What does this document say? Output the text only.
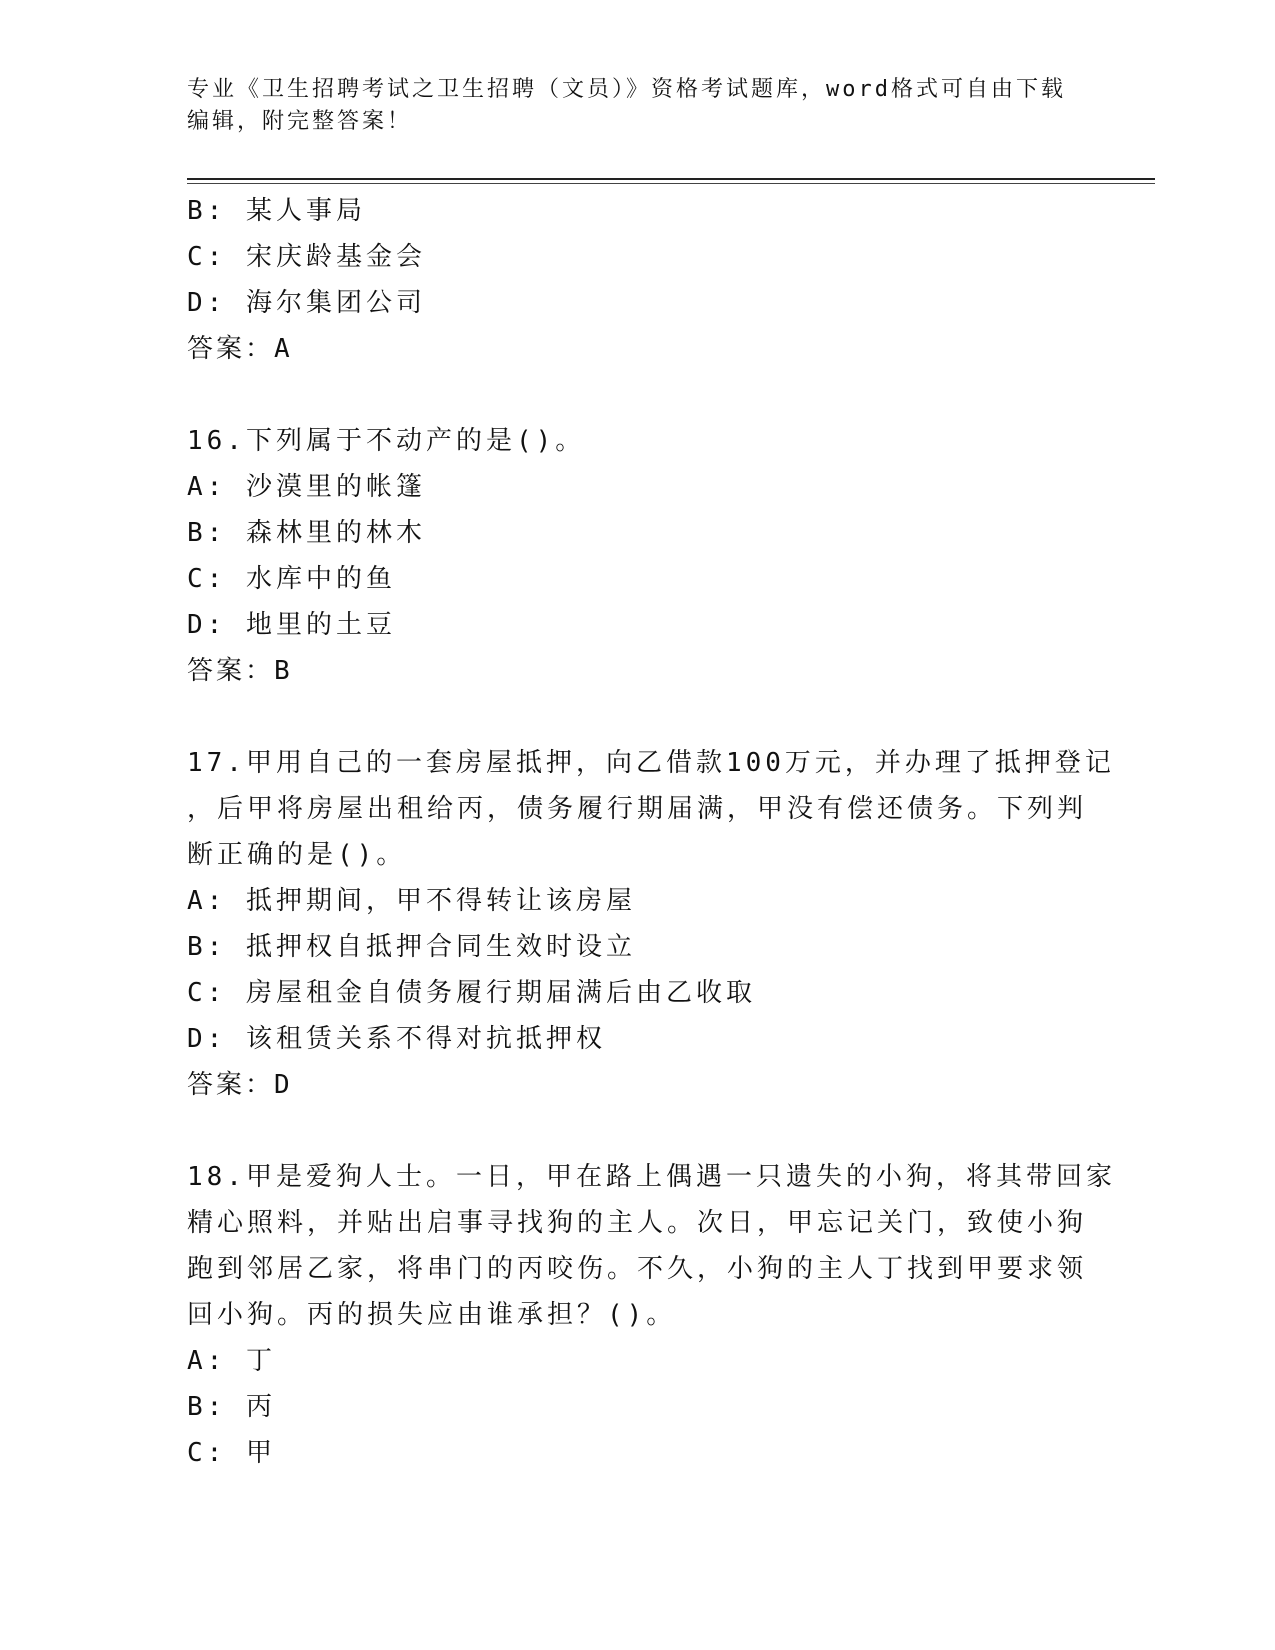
专业《卫生招聘考试之卫生招聘（文员）》资格考试题库，word格式可自由下载
编辑，附完整答案！
B: 某人事局
C: 宋庆龄基金会
D: 海尔集团公司
答案：A
16.下列属于不动产的是()。
A: 沙漠里的帐篷
B: 森林里的林木
C: 水库中的鱼
D: 地里的土豆
答案：B
17.甲用自己的一套房屋抵押，向乙借款100万元，并办理了抵押登记
，后甲将房屋出租给丙，债务履行期届满，甲没有偿还债务。下列判
断正确的是()。
A: 抵押期间，甲不得转让该房屋
B: 抵押权自抵押合同生效时设立
C: 房屋租金自债务履行期届满后由乙收取
D: 该租赁关系不得对抗抵押权
答案：D
18.甲是爱狗人士。一日，甲在路上偶遇一只遗失的小狗，将其带回家
精心照料，并贴出启事寻找狗的主人。次日，甲忘记关门，致使小狗
跑到邻居乙家，将串门的丙咬伤。不久，小狗的主人丁找到甲要求领
回小狗。丙的损失应由谁承担？()。
A: 丁
B: 丙
C: 甲
